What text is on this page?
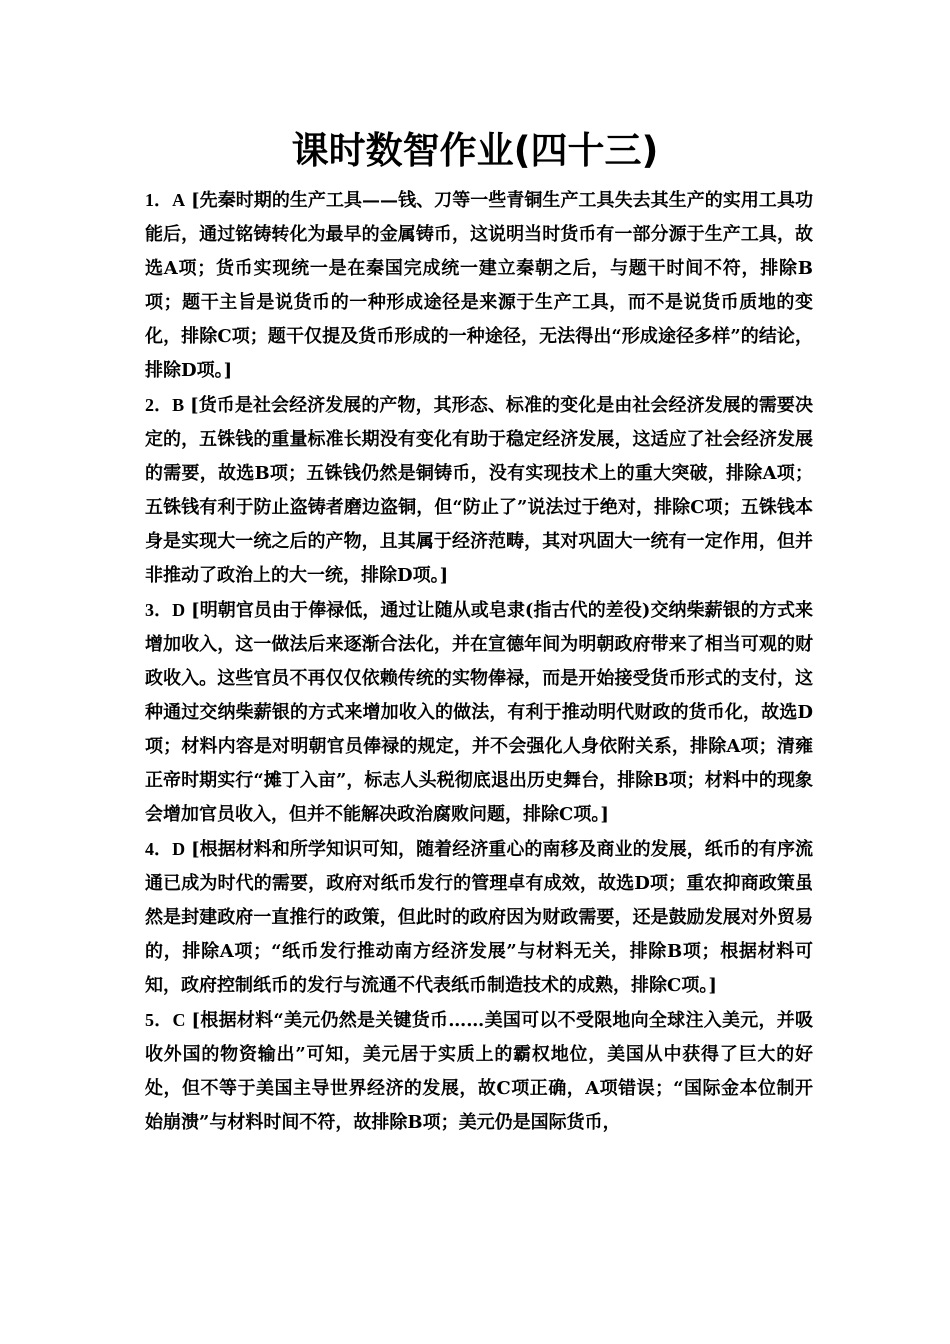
课时数智作业(四十三)

1．A [先秦时期的生产工具——钱、刀等一些青铜生产工具失去其生产的实用工具功能后，通过铭铸转化为最早的金属铸币，这说明当时货币有一部分源于生产工具，故选A项；货币实现统一是在秦国完成统一建立秦朝之后，与题干时间不符，排除B项；题干主旨是说货币的一种形成途径是来源于生产工具，而不是说货币质地的变化，排除C项；题干仅提及货币形成的一种途径，无法得出“形成途径多样”的结论，排除D项。]

2．B [货币是社会经济发展的产物，其形态、标准的变化是由社会经济发展的需要决定的，五铢钱的重量标准长期没有变化有助于稳定经济发展，这适应了社会经济发展的需要，故选B项；五铢钱仍然是铜铸币，没有实现技术上的重大突破，排除A项；五铢钱有利于防止盗铸者磨边盗铜，但“防止了”说法过于绝对，排除C项；五铢钱本身是实现大一统之后的产物，且其属于经济范畴，其对巩固大一统有一定作用，但并非推动了政治上的大一统，排除D项。]

3．D [明朝官员由于俸禄低，通过让随从或皂隶(指古代的差役)交纳柴薪银的方式来增加收入，这一做法后来逐渐合法化，并在宣德年间为明朝政府带来了相当可观的财政收入。这些官员不再仅仅依赖传统的实物俸禄，而是开始接受货币形式的支付，这种通过交纳柴薪银的方式来增加收入的做法，有利于推动明代财政的货币化，故选D项；材料内容是对明朝官员俸禄的规定，并不会强化人身依附关系，排除A项；清雍正帝时期实行“摊丁入亩”，标志人头税彻底退出历史舞台，排除B项；材料中的现象会增加官员收入，但并不能解决政治腐败问题，排除C项。]

4．D [根据材料和所学知识可知，随着经济重心的南移及商业的发展，纸币的有序流通已成为时代的需要，政府对纸币发行的管理卓有成效，故选D项；重农抑商政策虽然是封建政府一直推行的政策，但此时的政府因为财政需要，还是鼓励发展对外贸易的，排除A项；“纸币发行推动南方经济发展”与材料无关，排除B项；根据材料可知，政府控制纸币的发行与流通不代表纸币制造技术的成熟，排除C项。]

5．C [根据材料“美元仍然是关键货币……美国可以不受限地向全球注入美元，并吸收外国的物资输出”可知，美元居于实质上的霸权地位，美国从中获得了巨大的好处，但不等于美国主导世界经济的发展，故C项正确，A项错误；“国际金本位制开始崩溃”与材料时间不符，故排除B项；美元仍是国际货币，
